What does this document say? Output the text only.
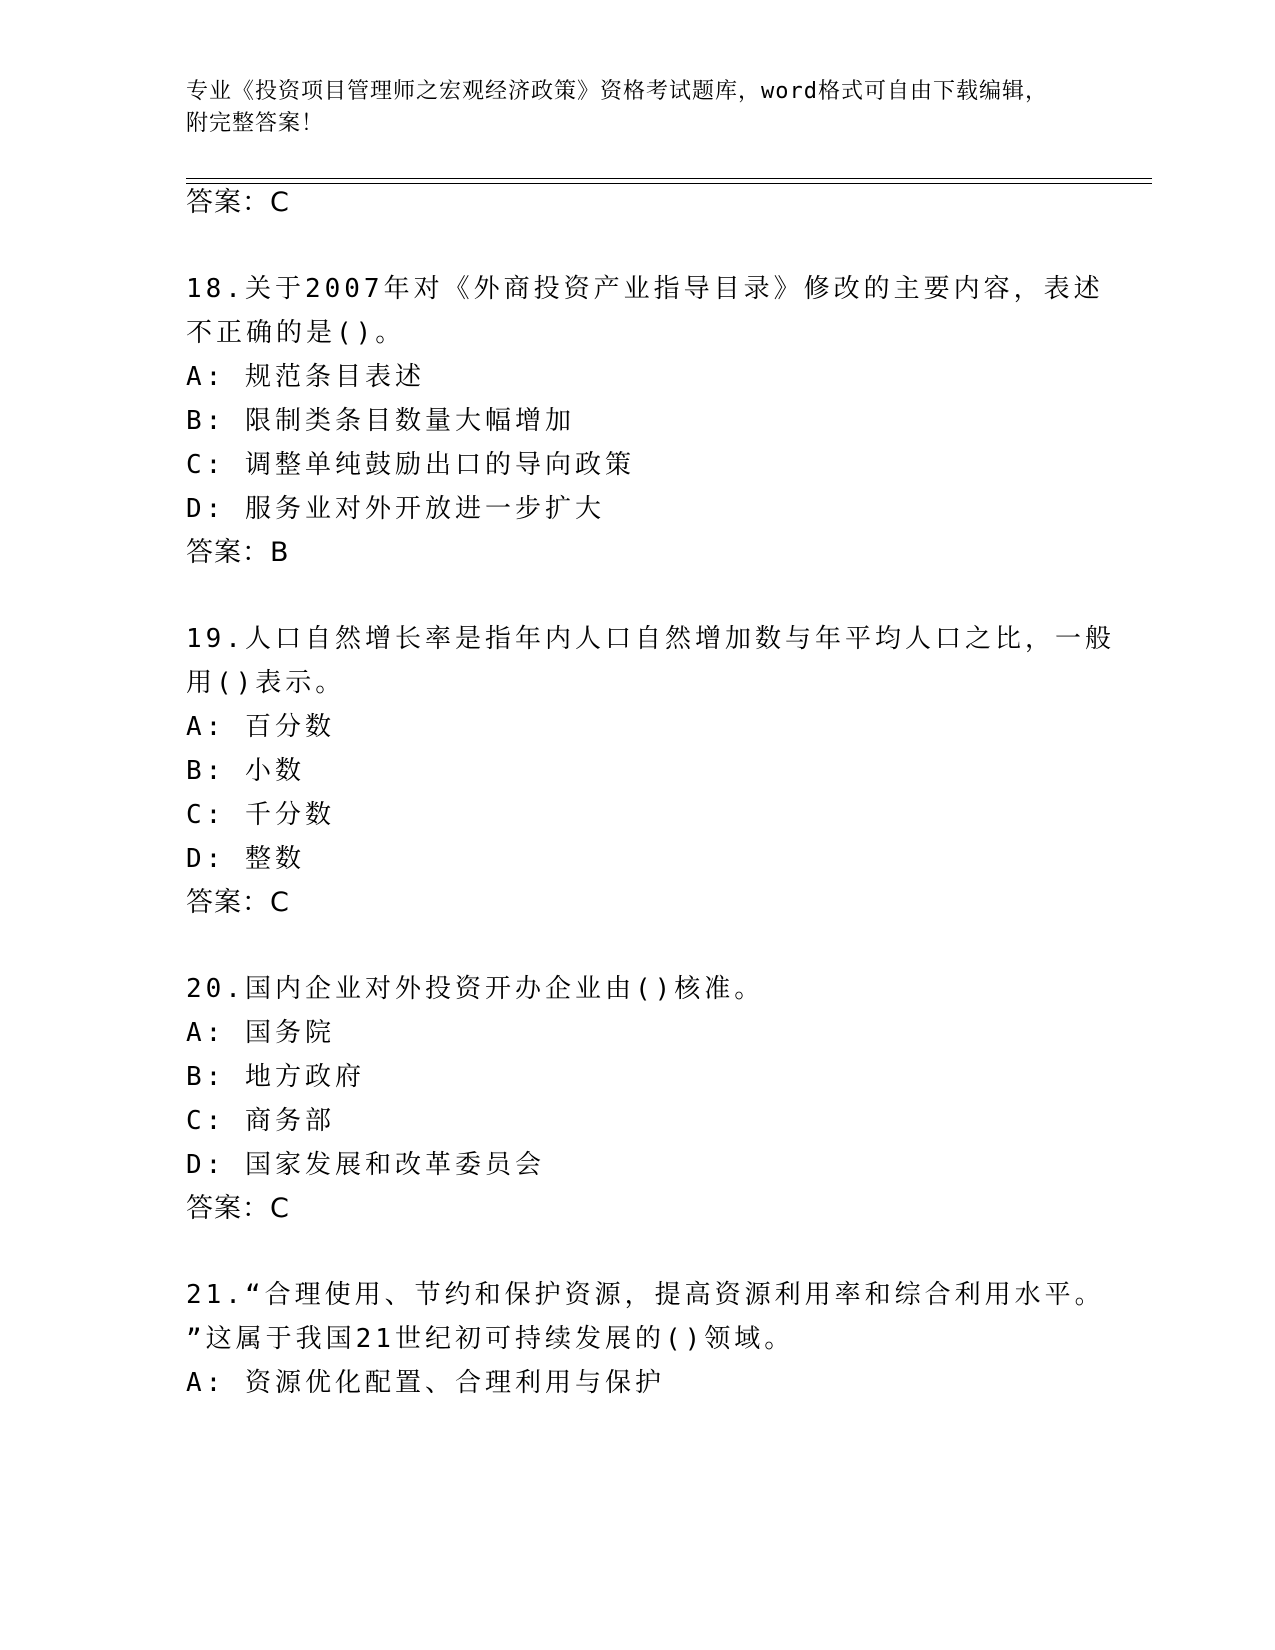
专业《投资项目管理师之宏观经济政策》资格考试题库，word格式可自由下载编辑，附完整答案！
答案：C
18.关于2007年对《外商投资产业指导目录》修改的主要内容，表述
不正确的是()。
A: 规范条目表述
B: 限制类条目数量大幅增加
C: 调整单纯鼓励出口的导向政策
D: 服务业对外开放进一步扩大
答案：B
19.人口自然增长率是指年内人口自然增加数与年平均人口之比，一般
用()表示。
A: 百分数
B: 小数
C: 千分数
D: 整数
答案：C
20.国内企业对外投资开办企业由()核准。
A: 国务院
B: 地方政府
C: 商务部
D: 国家发展和改革委员会
答案：C
21.“合理使用、节约和保护资源，提高资源利用率和综合利用水平。
”这属于我国21世纪初可持续发展的()领域。
A: 资源优化配置、合理利用与保护
